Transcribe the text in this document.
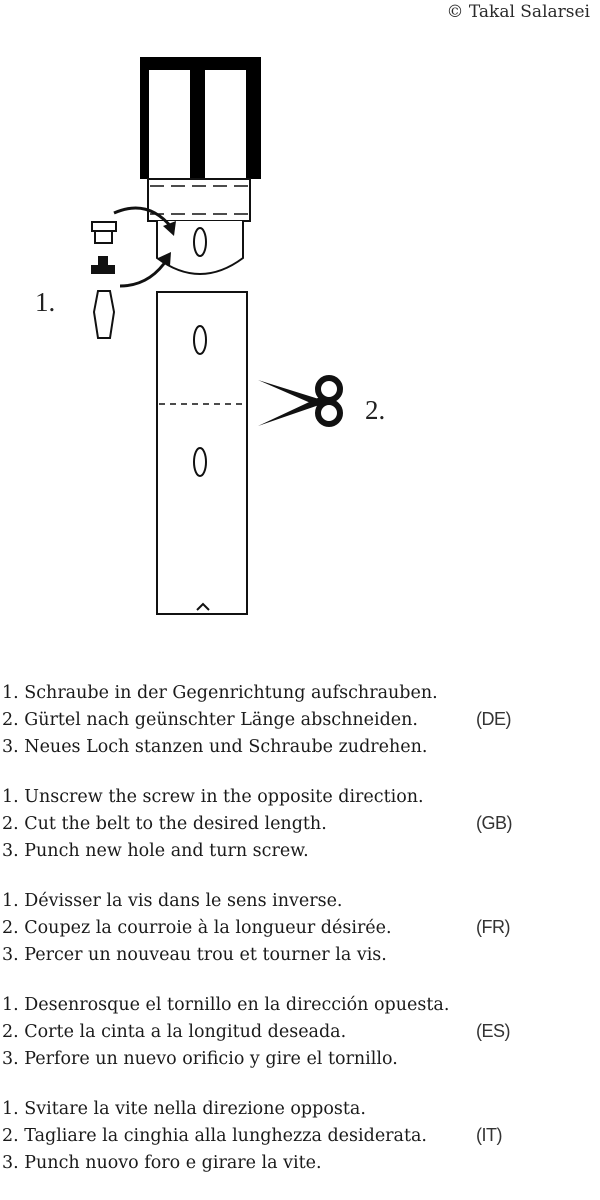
© Takal Salarsei
1.
2.
1. Schraube in der Gegenrichtung aufschrauben.
2. Gürtel nach geünschter Länge abschneiden.
3. Neues Loch stanzen und Schraube zudrehen.
(DE)
1. Unscrew the screw in the opposite direction.
2. Cut the belt to the desired length.
3. Punch new hole and turn screw.
(GB)
1. Dévisser la vis dans le sens inverse.
2. Coupez la courroie à la longueur désirée.
3. Percer un nouveau trou et tourner la vis.
(FR)
1. Desenrosque el tornillo en la dirección opuesta.
2. Corte la cinta a la longitud deseada.
3. Perfore un nuevo orificio y gire el tornillo.
(ES)
1. Svitare la vite nella direzione opposta.
2. Tagliare la cinghia alla lunghezza desiderata.
3. Punch nuovo foro e girare la vite.
(IT)
